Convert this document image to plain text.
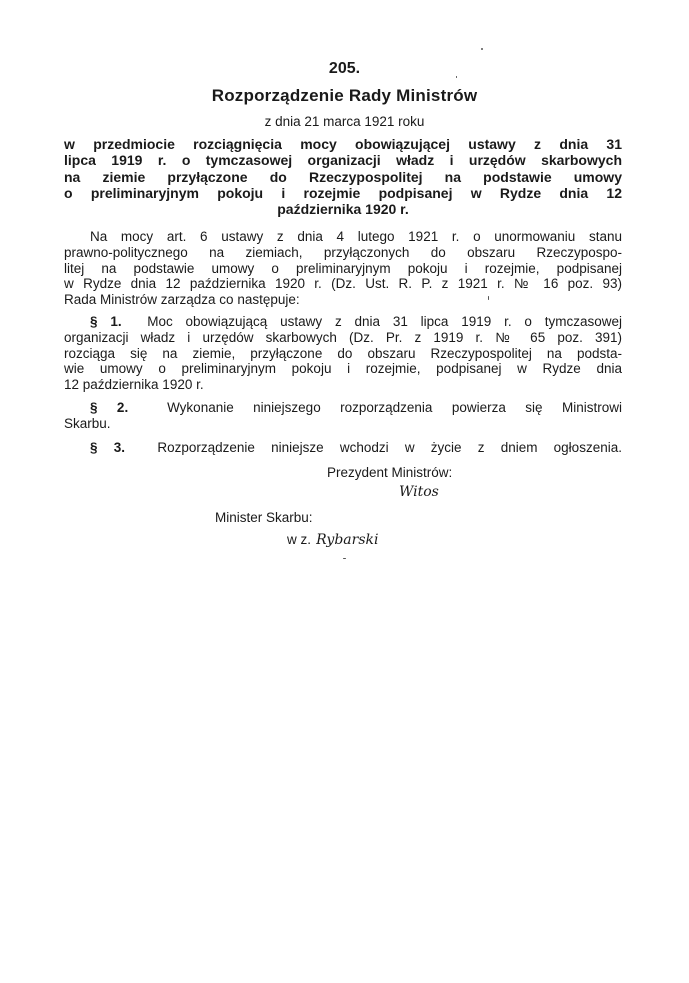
205.
Rozporządzenie Rady Ministrów
z dnia 21 marca 1921 roku
w przedmiocie rozciągnięcia mocy obowiązującej ustawy z dnia 31
lipca 1919 r. o tymczasowej organizacji władz i urzędów skarbowych
na ziemie przyłączone do Rzeczypospolitej na podstawie umowy
o preliminaryjnym pokoju i rozejmie podpisanej w Rydze dnia 12
października 1920 r.
Na mocy art. 6 ustawy z dnia 4 lutego 1921 r. o unormowaniu stanu
prawno-politycznego na ziemiach, przyłączonych do obszaru Rzeczypospo-
litej na podstawie umowy o preliminaryjnym pokoju i rozejmie, podpisanej
w Rydze dnia 12 października 1920 r. (Dz. Ust. R. P. z 1921 r. № 16 poz. 93)
Rada Ministrów zarządza co następuje:
§ 1. Moc obowiązującą ustawy z dnia 31 lipca 1919 r. o tymczasowej
organizacji władz i urzędów skarbowych (Dz. Pr. z 1919 r. № 65 poz. 391)
rozciąga się na ziemie, przyłączone do obszaru Rzeczypospolitej na podsta-
wie umowy o preliminaryjnym pokoju i rozejmie, podpisanej w Rydze dnia
12 października 1920 r.
§ 2.	Wykonanie niniejszego rozporządzenia powierza się Ministrowi
Skarbu.
§ 3. Rozporządzenie niniejsze wchodzi w życie z dniem ogłoszenia.
Prezydent Ministrów:
Witos
Minister Skarbu:
w z. Rybarski
